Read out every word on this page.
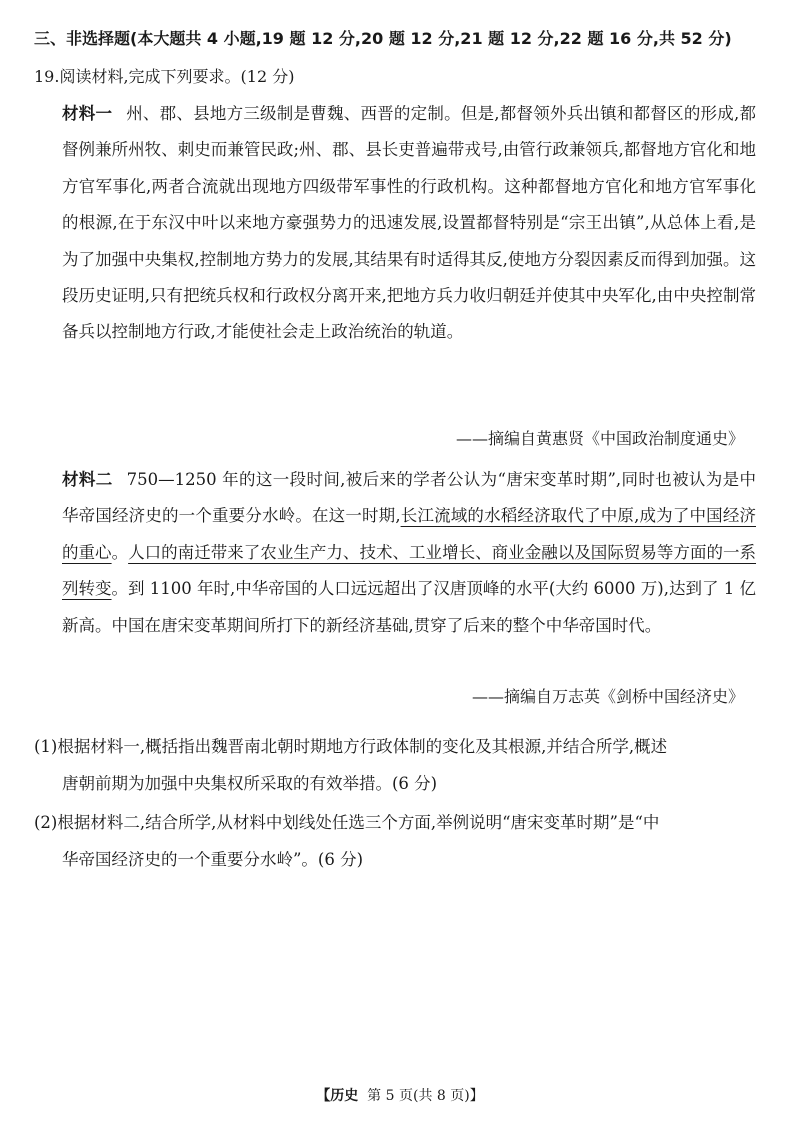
三、非选择题(本大题共 4 小题,19 题 12 分,20 题 12 分,21 题 12 分,22 题 16 分,共 52 分)
19.阅读材料,完成下列要求。(12 分)
材料一 州、郡、县地方三级制是曹魏、西晋的定制。但是,都督领外兵出镇和都督区的形成,都督例兼所州牧、刺史而兼管民政;州、郡、县长吏普遍带戎号,由管行政兼领兵,都督地方官化和地方官军事化,两者合流就出现地方四级带军事性的行政机构。这种都督地方官化和地方官军事化的根源,在于东汉中叶以来地方豪强势力的迅速发展,设置都督特别是“宗王出镇”,从总体上看,是为了加强中央集权,控制地方势力的发展,其结果有时适得其反,使地方分裂因素反而得到加强。这段历史证明,只有把统兵权和行政权分离开来,把地方兵力收归朝廷并使其中央军化,由中央控制常备兵以控制地方行政,才能使社会走上政治统治的轨道。
——摘编自黄惠贤《中国政治制度通史》
材料二 750—1250 年的这一段时间,被后来的学者公认为“唐宋变革时期”,同时也被认为是中华帝国经济史的一个重要分水岭。在这一时期,长江流域的水稻经济取代了中原,成为了中国经济的重心。人口的南迁带来了农业生产力、技术、工业增长、商业金融以及国际贸易等方面的一系列转变。到 1100 年时,中华帝国的人口远远超出了汉唐顶峰的水平(大约 6000 万),达到了 1 亿新高。中国在唐宋变革期间所打下的新经济基础,贯穿了后来的整个中华帝国时代。
——摘编自万志英《剑桥中国经济史》
(1)根据材料一,概括指出魏晋南北朝时期地方行政体制的变化及其根源,并结合所学,概述
唐朝前期为加强中央集权所采取的有效举措。(6 分)
(2)根据材料二,结合所学,从材料中划线处任选三个方面,举例说明“唐宋变革时期”是“中
华帝国经济史的一个重要分水岭”。(6 分)
【历史 第 5 页(共 8 页)】
